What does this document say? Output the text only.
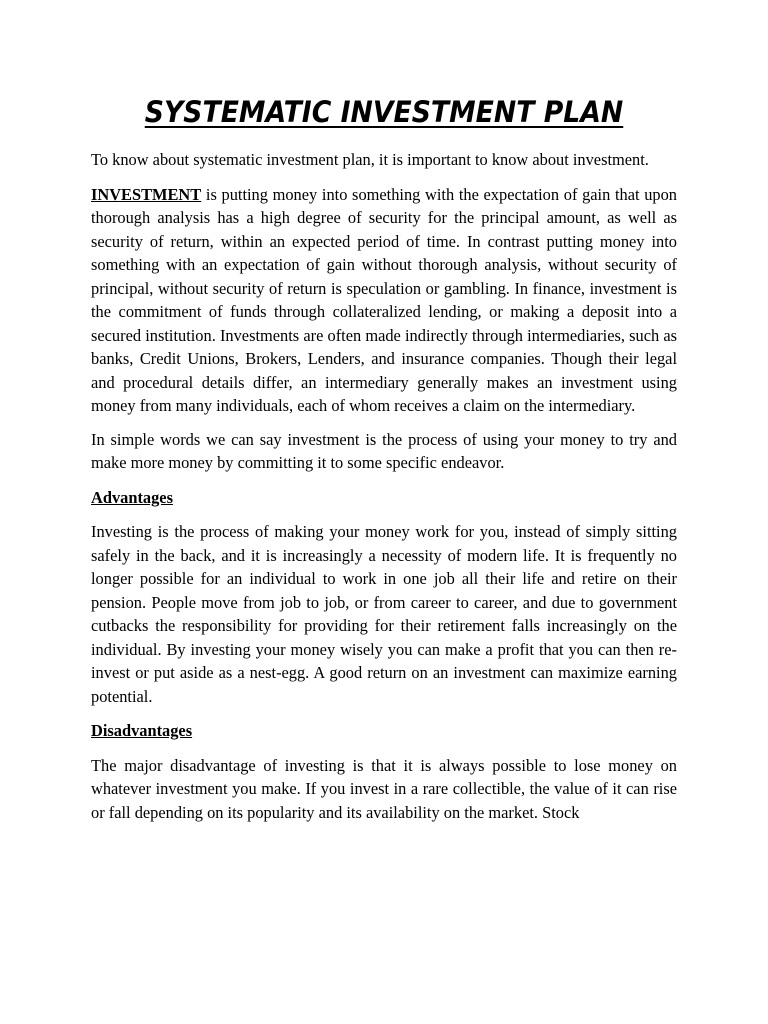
SYSTEMATIC INVESTMENT PLAN

To know about systematic investment plan, it is important to know about investment.

INVESTMENT is putting money into something with the expectation of gain that upon thorough analysis has a high degree of security for the principal amount, as well as security of return, within an expected period of time. In contrast putting money into something with an expectation of gain without thorough analysis, without security of principal, without security of return is speculation or gambling. In finance, investment is the commitment of funds through collateralized lending, or making a deposit into a secured institution. Investments are often made indirectly through intermediaries, such as banks, Credit Unions, Brokers, Lenders, and insurance companies. Though their legal and procedural details differ, an intermediary generally makes an investment using money from many individuals, each of whom receives a claim on the intermediary.

In simple words we can say investment is the process of using your money to try and make more money by committing it to some specific endeavor.

Advantages

Investing is the process of making your money work for you, instead of simply sitting safely in the back, and it is increasingly a necessity of modern life. It is frequently no longer possible for an individual to work in one job all their life and retire on their pension. People move from job to job, or from career to career, and due to government cutbacks the responsibility for providing for their retirement falls increasingly on the individual. By investing your money wisely you can make a profit that you can then re-invest or put aside as a nest-egg. A good return on an investment can maximize earning potential.

Disadvantages

The major disadvantage of investing is that it is always possible to lose money on whatever investment you make. If you invest in a rare collectible, the value of it can rise or fall depending on its popularity and its availability on the market. Stock
